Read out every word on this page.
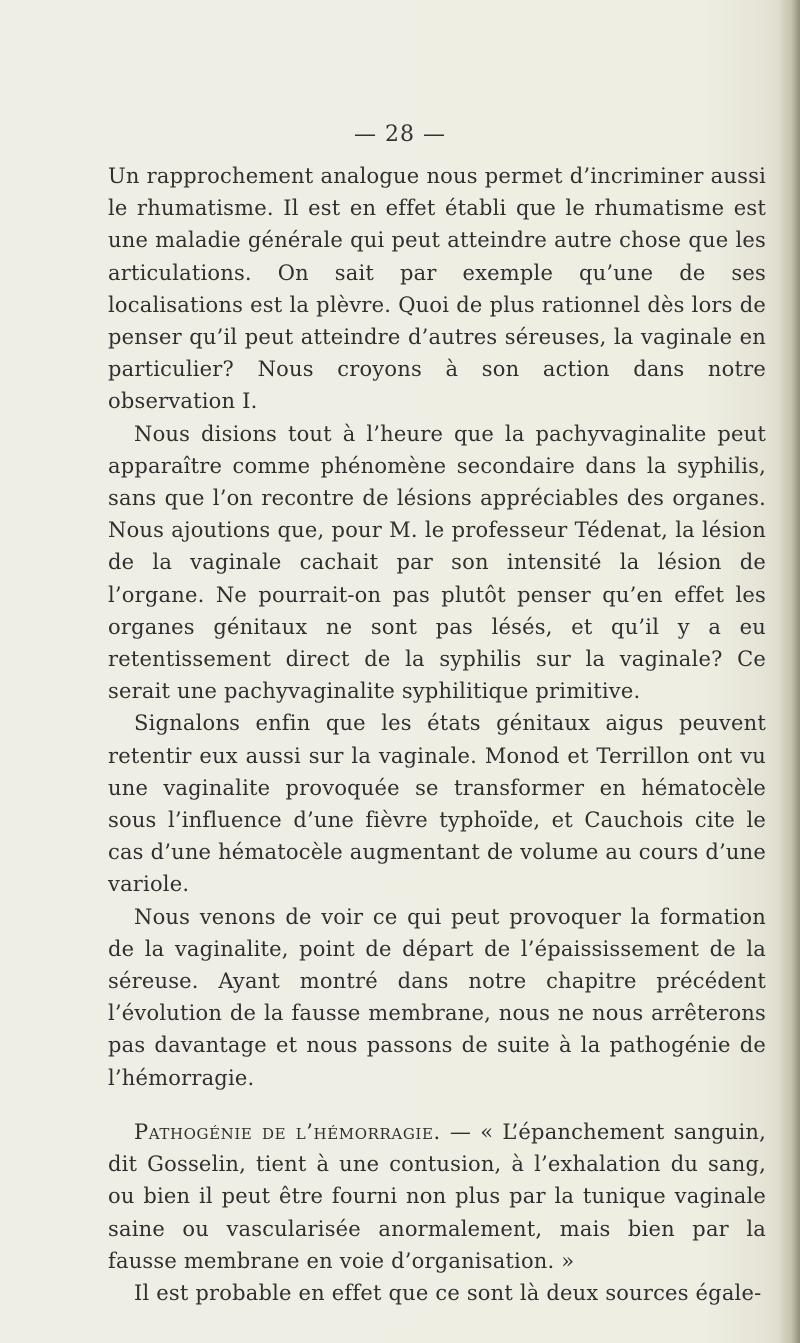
— 28 —

Un rapprochement analogue nous permet d’incriminer aussi le rhumatisme. Il est en effet établi que le rhumatisme est une maladie générale qui peut atteindre autre chose que les articulations. On sait par exemple qu’une de ses localisations est la plèvre. Quoi de plus rationnel dès lors de penser qu’il peut atteindre d’autres séreuses, la vaginale en particulier? Nous croyons à son action dans notre observation I.

Nous disions tout à l’heure que la pachyvaginalite peut apparaître comme phénomène secondaire dans la syphilis, sans que l’on recontre de lésions appréciables des organes. Nous ajoutions que, pour M. le professeur Tédenat, la lésion de la vaginale cachait par son intensité la lésion de l’organe. Ne pourrait-on pas plutôt penser qu’en effet les organes génitaux ne sont pas lésés, et qu’il y a eu retentissement direct de la syphilis sur la vaginale? Ce serait une pachyvaginalite syphilitique primitive.

Signalons enfin que les états génitaux aigus peuvent retentir eux aussi sur la vaginale. Monod et Terrillon ont vu une vaginalite provoquée se transformer en hématocèle sous l’influence d’une fièvre typhoïde, et Cauchois cite le cas d’une hématocèle augmentant de volume au cours d’une variole.

Nous venons de voir ce qui peut provoquer la formation de la vaginalite, point de départ de l’épaississement de la séreuse. Ayant montré dans notre chapitre précédent l’évolution de la fausse membrane, nous ne nous arrêterons pas davantage et nous passons de suite à la pathogénie de l’hémorragie.

Pathogénie de l’hémorragie. — « L’épanchement sanguin, dit Gosselin, tient à une contusion, à l’exhalation du sang, ou bien il peut être fourni non plus par la tunique vaginale saine ou vascularisée anormalement, mais bien par la fausse membrane en voie d’organisation. »

Il est probable en effet que ce sont là deux sources égale-
